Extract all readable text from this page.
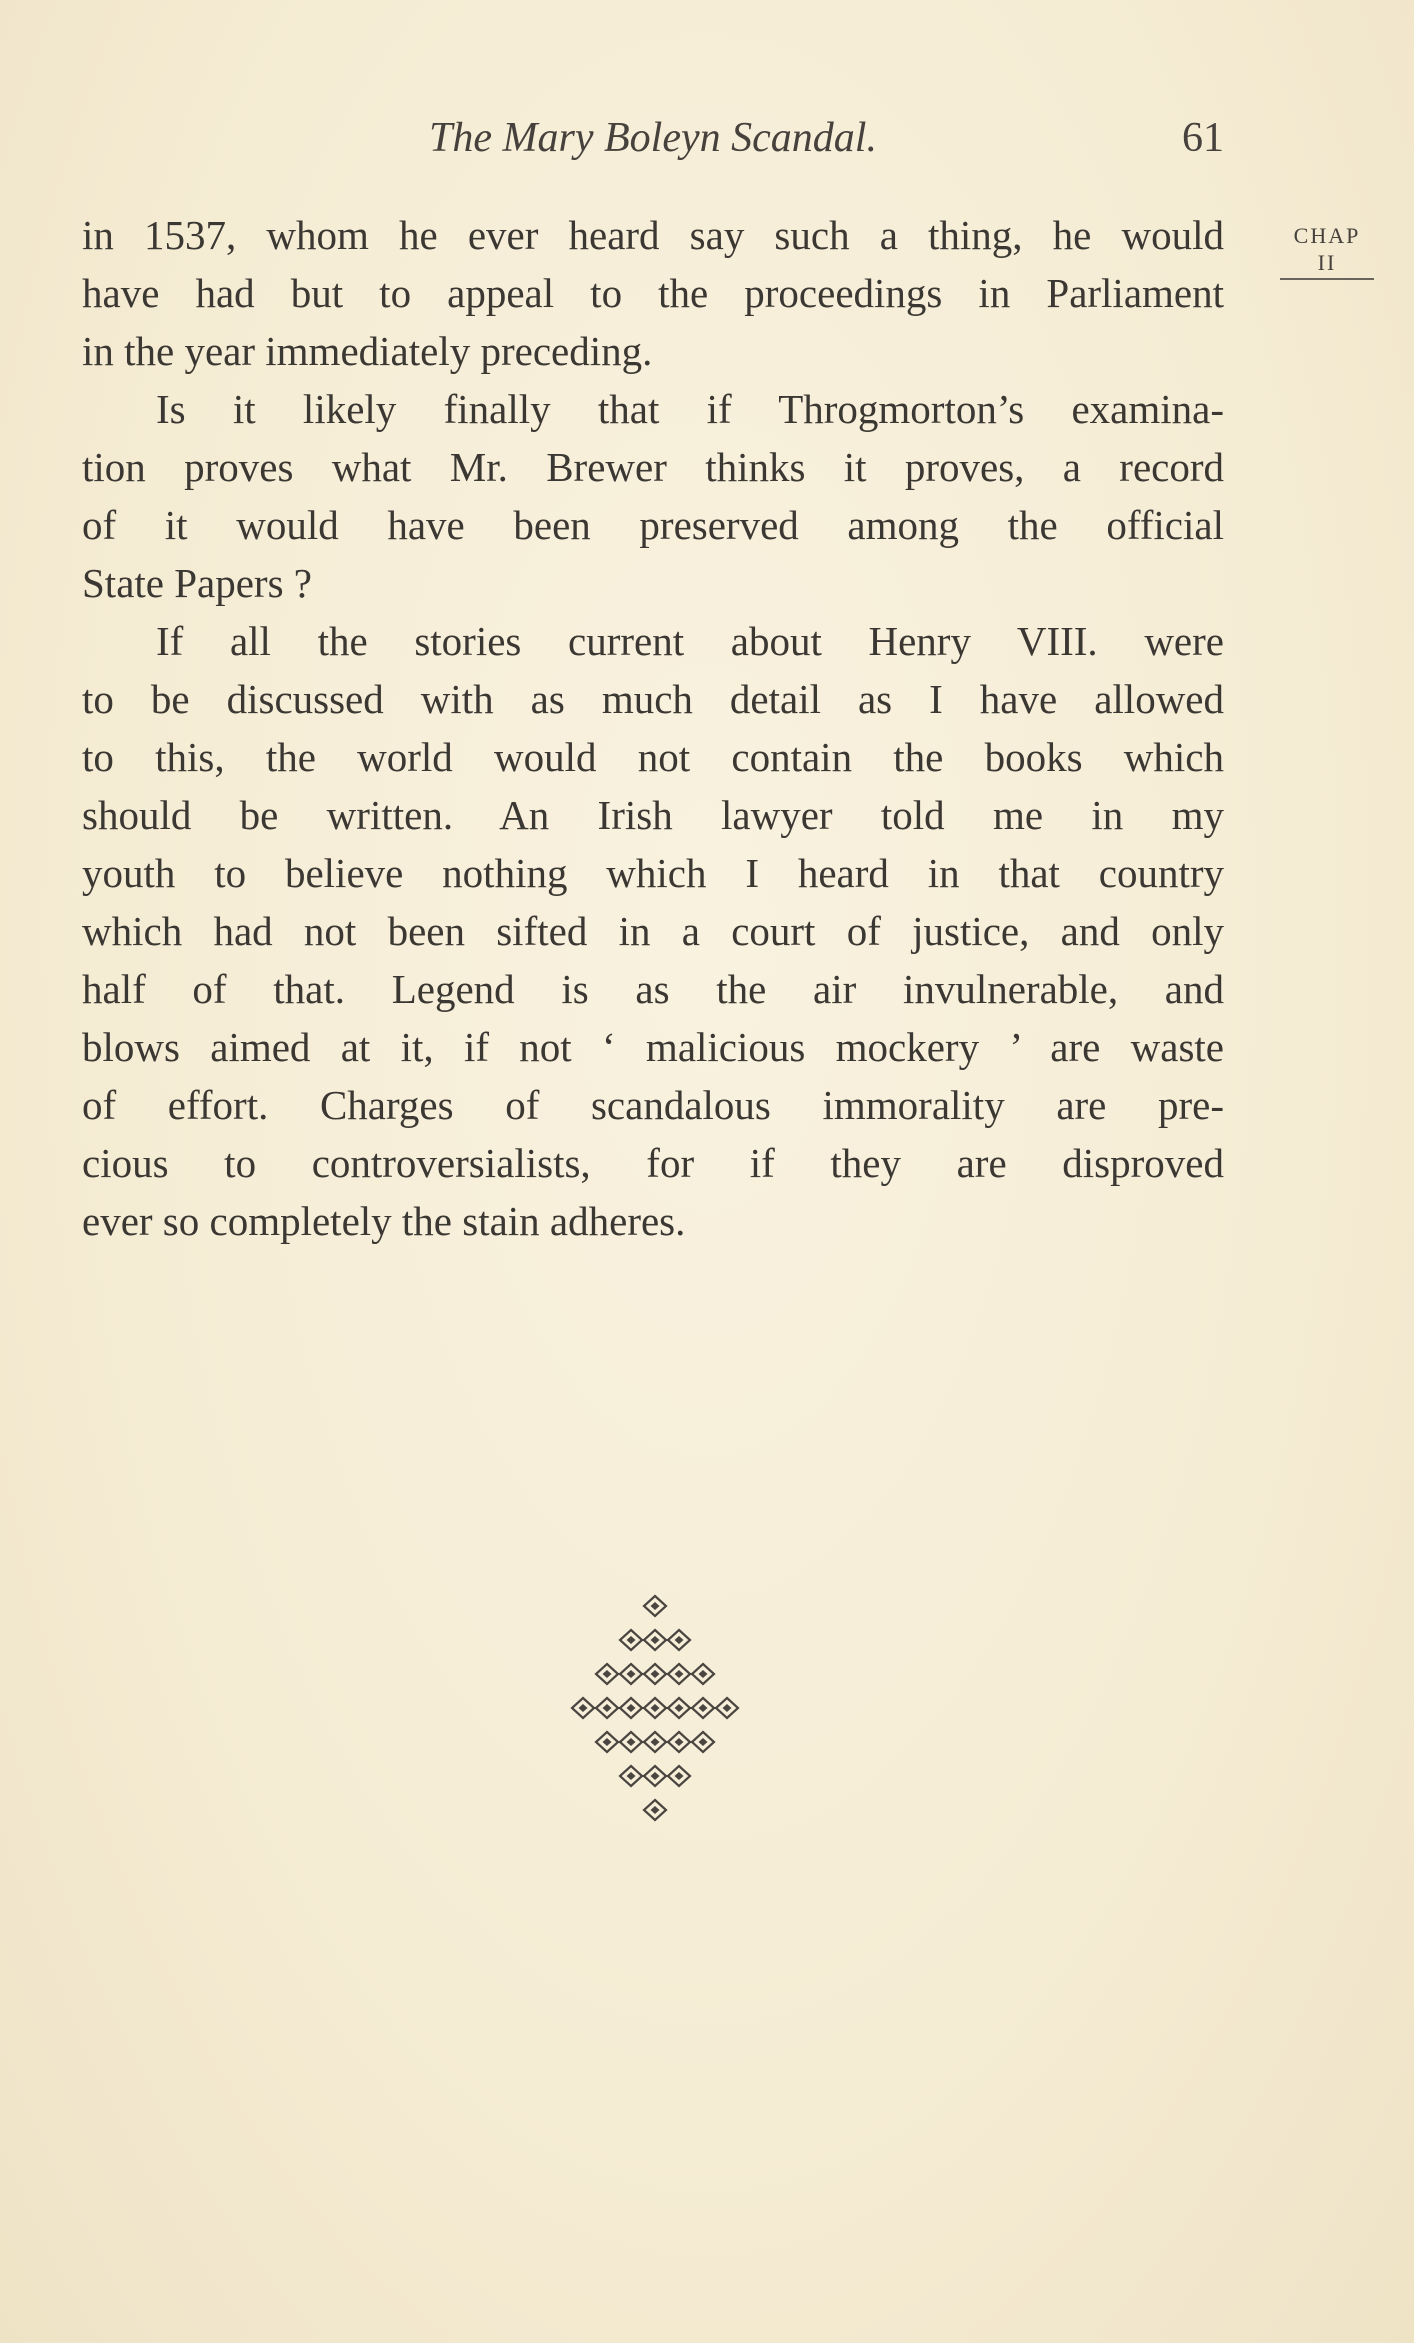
The Mary Boleyn Scandal.	61
CHAP
II
in 1537, whom he ever heard say such a thing, he would
have had but to appeal to the proceedings in Parliament
in the year immediately preceding.
Is it likely finally that if Throgmorton’s examina-
tion proves what Mr. Brewer thinks it proves, a record
of it would have been preserved among the official
State Papers ?
If all the stories current about Henry VIII. were
to be discussed with as much detail as I have allowed
to this, the world would not contain the books which
should be written. An Irish lawyer told me in my
youth to believe nothing which I heard in that country
which had not been sifted in a court of justice, and only
half of that. Legend is as the air invulnerable, and
blows aimed at it, if not ‘ malicious mockery ’ are waste
of effort. Charges of scandalous immorality are pre-
cious to controversialists, for if they are disproved
ever so completely the stain adheres.
